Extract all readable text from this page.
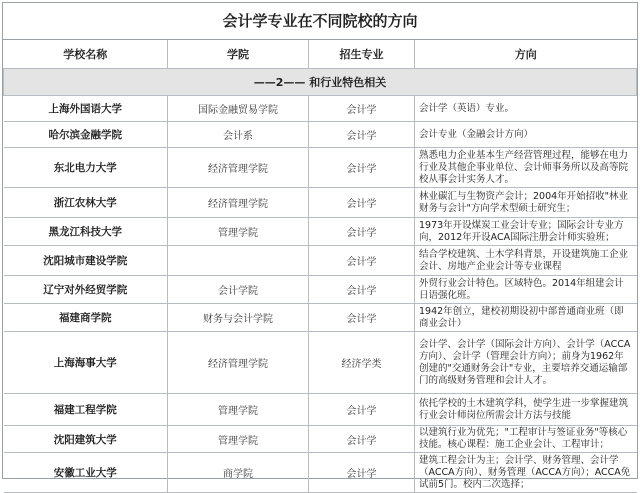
会计学专业在不同院校的方向
学校名称	学院	招生专业	方向
——2—— 和行业特色相关			
上海外国语大学	国际金融贸易学院	会计学	会计学（英语）专业。
哈尔滨金融学院	会计系	会计学	会计专业（金融会计方向）
东北电力大学	经济管理学院	会计学	熟悉电力企业基本生产经营管理过程，能够在电力行业及其他企事业单位、会计师事务所以及高等院校从事会计实务人才。
浙江农林大学	经济管理学院	会计学	林业碳汇与生物资产会计；2004年开始招收"林业财务与会计"方向学术型硕士研究生；
黑龙江科技大学	管理学院	会计学	1973年开设煤炭工业会计专业；国际会计专业方向，2012年开设ACA国际注册会计师实验班；
沈阳城市建设学院		会计学	结合学校建筑、土木学科背景，开设建筑施工企业会计、房地产企业会计等专业课程
辽宁对外经贸学院	会计学院	会计学	外贸行业会计特色。区域特色。2014年组建会计日语强化班。
福建商学院	财务与会计学院	会计学	1942年创立，建校初期设初中部普通商业班（即商业会计）
上海海事大学	经济管理学院	经济学类	会计学、会计学（国际会计方向）、会计学（ACCA方向）、会计学（管理会计方向）；前身为1962年创建的"交通财务会计"专业，主要培养交通运输部门的高级财务管理和会计人才。
福建工程学院	管理学院	会计学	依托学校的土木建筑学科，使学生进一步掌握建筑行业会计师岗位所需会计方法与技能
沈阳建筑大学	管理学院	会计学	以建筑行业为优先；"工程审计与签证业务"等核心技能。核心课程：施工企业会计、工程审计；
安徽工业大学	商学院	会计学	建筑工程会计为主；会计学、财务管理、会计学（ACCA方向）、财务管理（ACCA方向）；ACCA免试前5门。校内二次选择；
